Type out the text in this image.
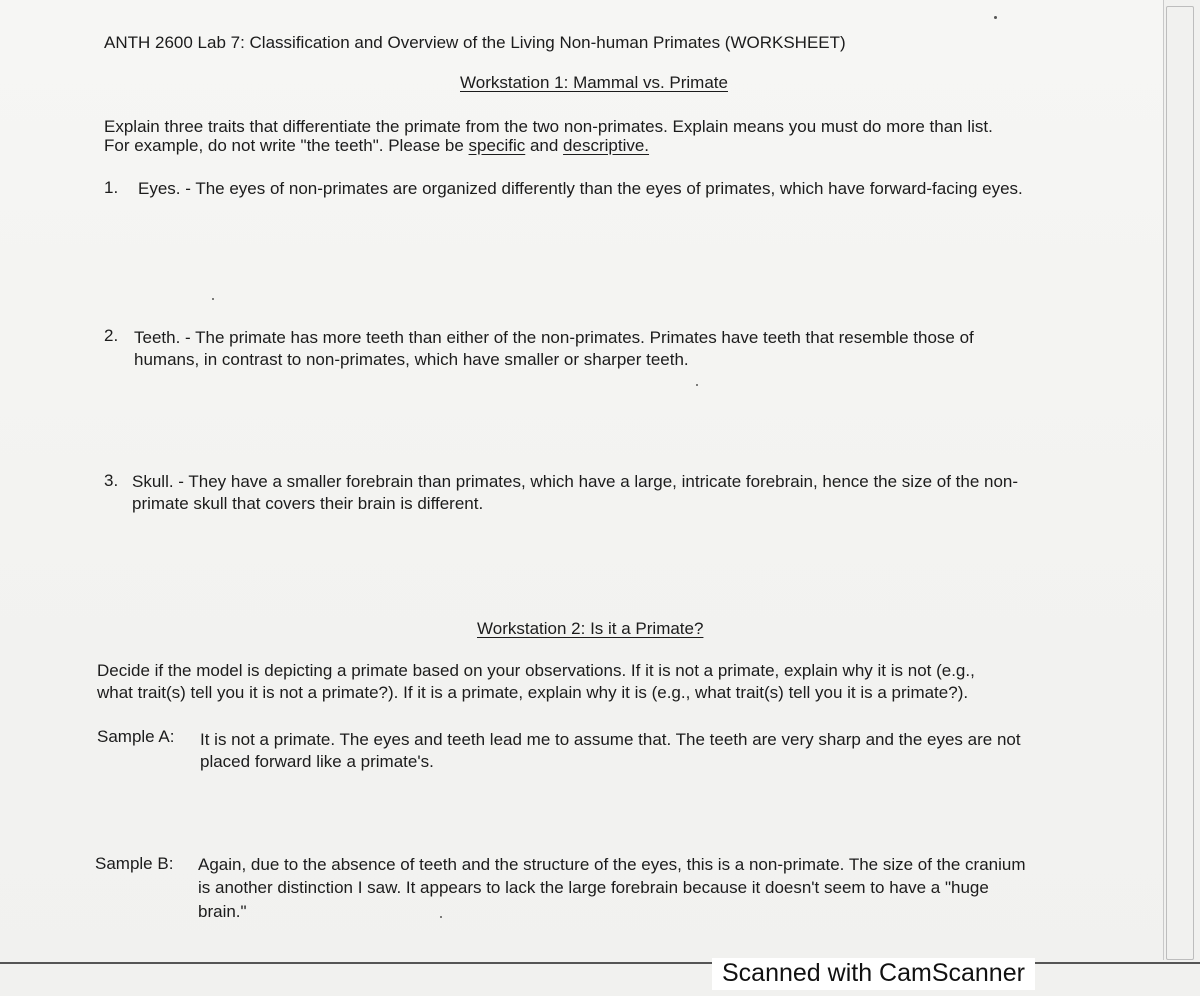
ANTH 2600 Lab 7: Classification and Overview of the Living Non-human Primates (WORKSHEET)
Workstation 1: Mammal vs. Primate
Explain three traits that differentiate the primate from the two non-primates. Explain means you must do more than list.
For example, do not write "the teeth". Please be specific and descriptive.
1. Eyes. - The eyes of non-primates are organized differently than the eyes of primates, which have forward-facing eyes.
2. Teeth. - The primate has more teeth than either of the non-primates. Primates have teeth that resemble those of
humans, in contrast to non-primates, which have smaller or sharper teeth.
3. Skull. - They have a smaller forebrain than primates, which have a large, intricate forebrain, hence the size of the non-
primate skull that covers their brain is different.
Workstation 2: Is it a Primate?
Decide if the model is depicting a primate based on your observations. If it is not a primate, explain why it is not (e.g.,
what trait(s) tell you it is not a primate?). If it is a primate, explain why it is (e.g., what trait(s) tell you it is a primate?).
Sample A: It is not a primate. The eyes and teeth lead me to assume that. The teeth are very sharp and the eyes are not
placed forward like a primate's.
Sample B: Again, due to the absence of teeth and the structure of the eyes, this is a non-primate. The size of the cranium
is another distinction I saw. It appears to lack the large forebrain because it doesn't seem to have a "huge
brain."
Scanned with CamScanner
